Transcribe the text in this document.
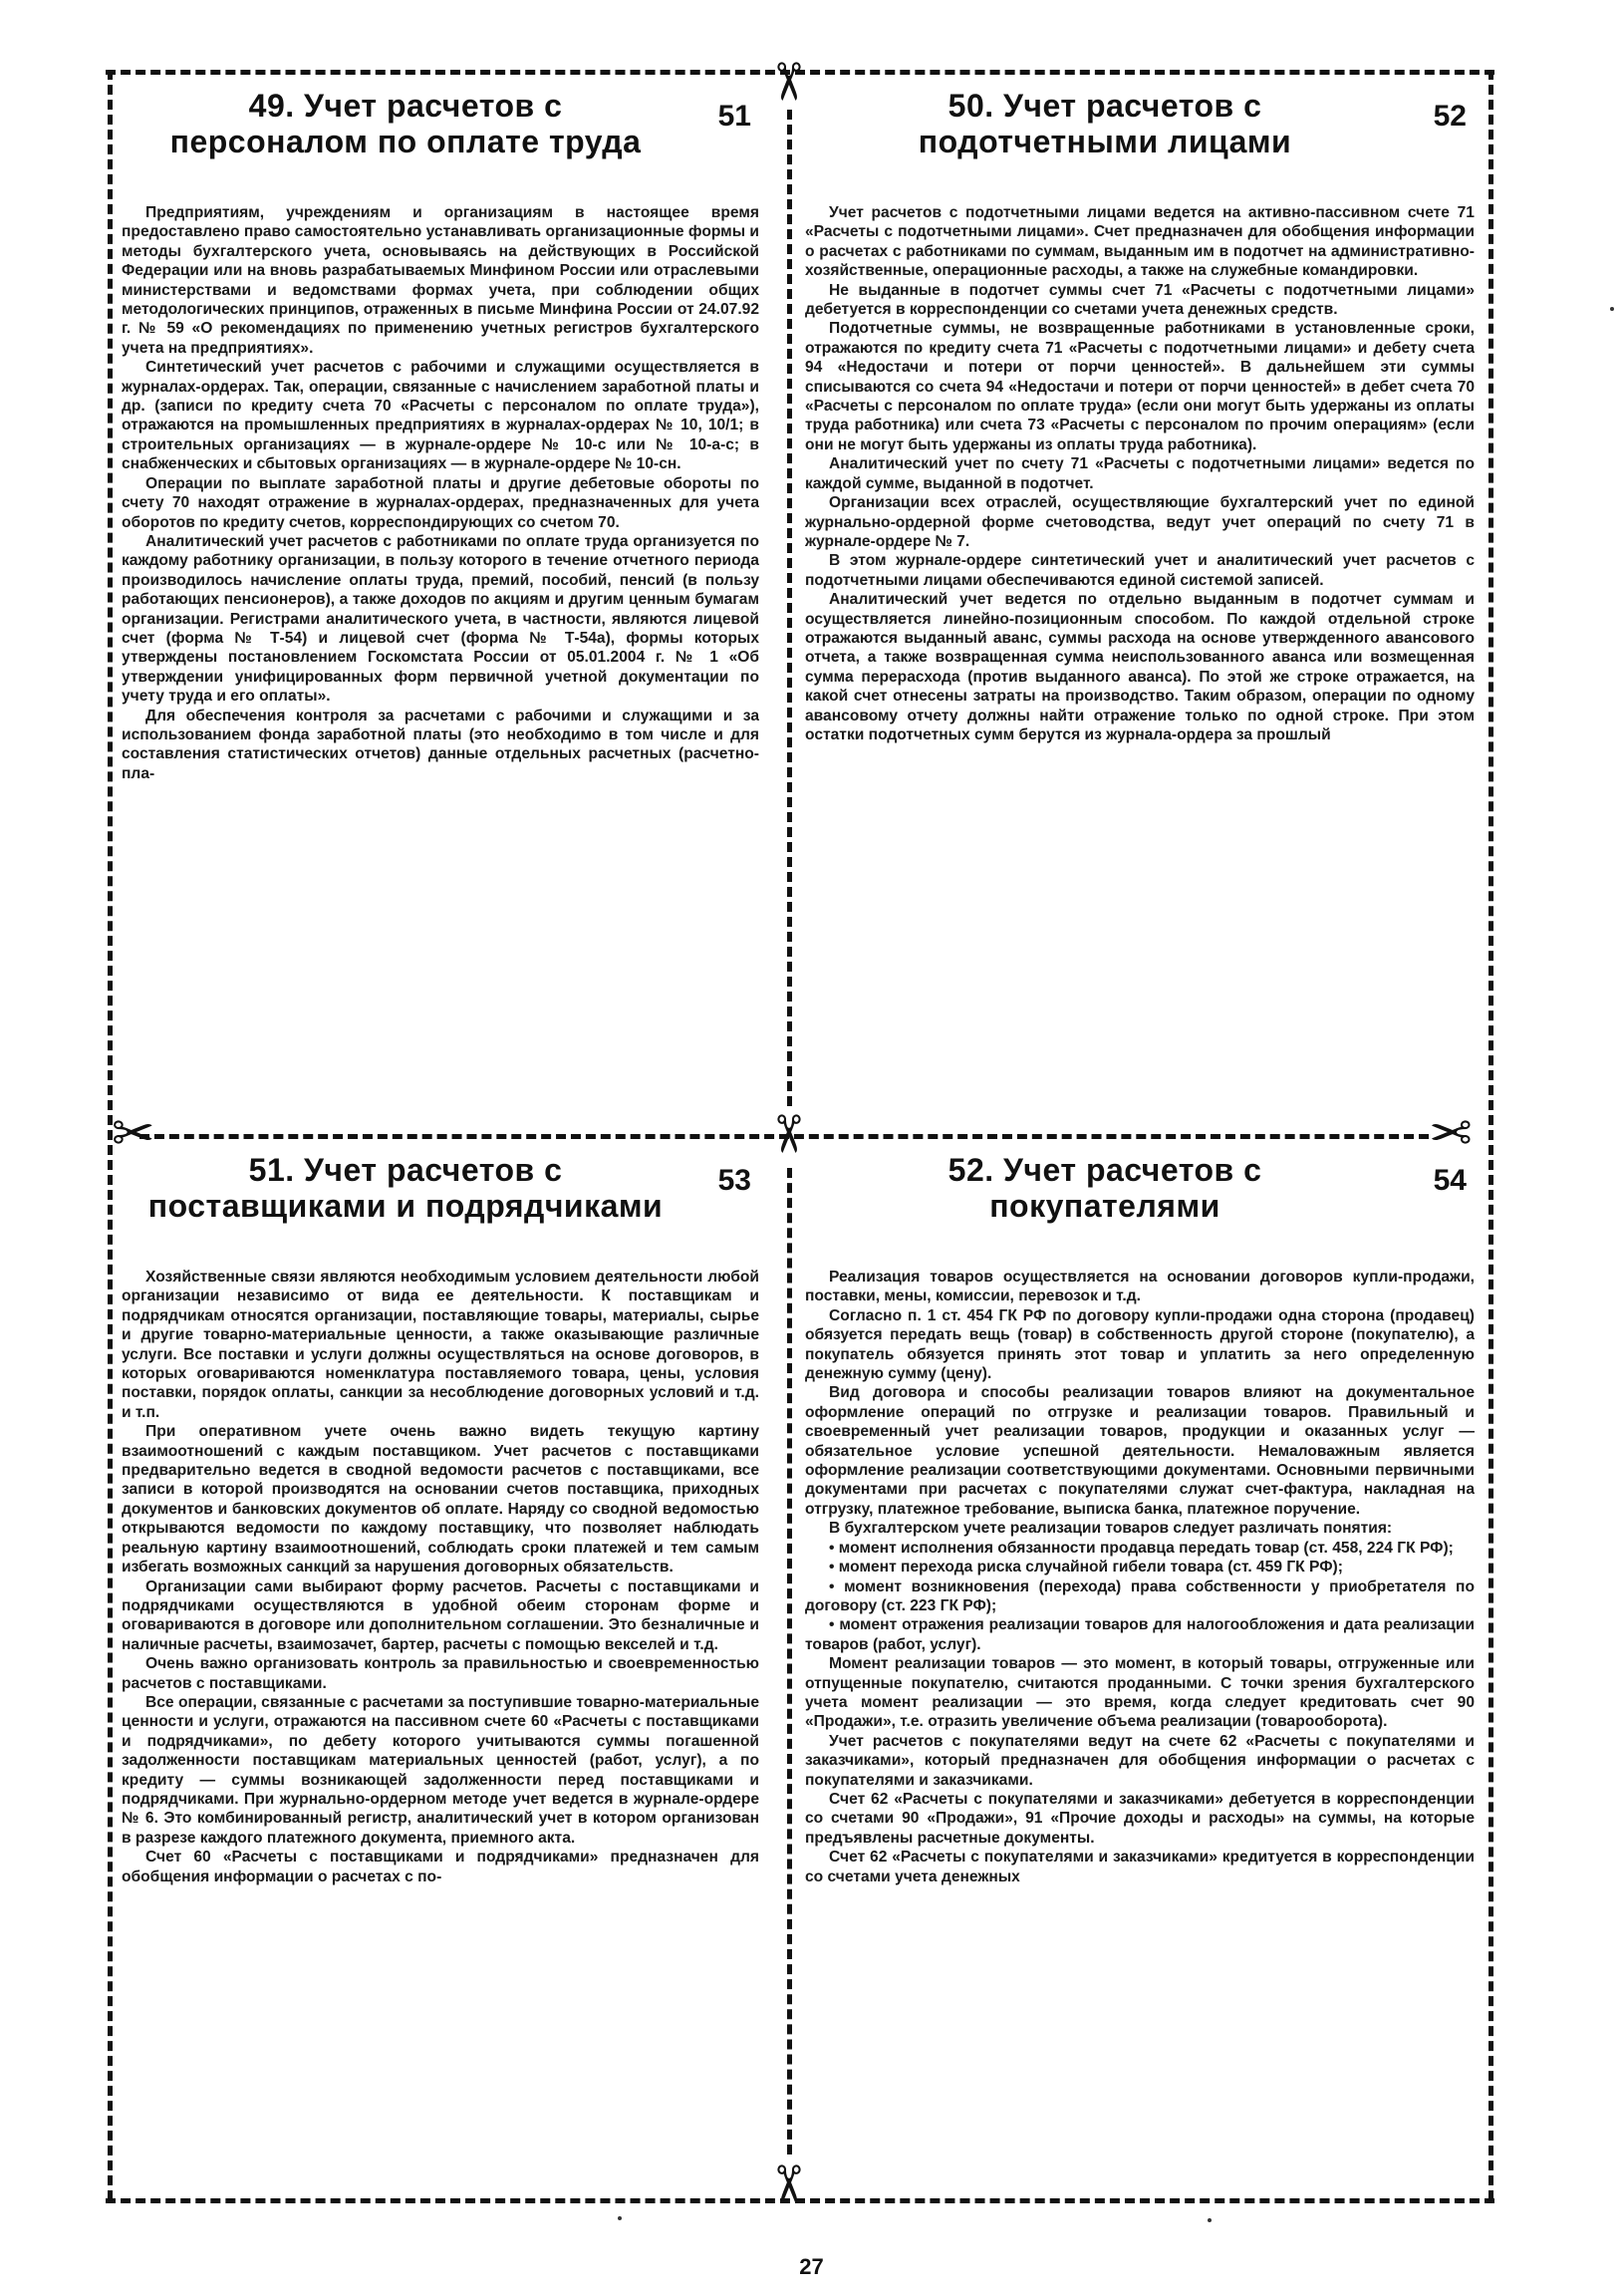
✂
✂	✂	✂
✂
49. Учет расчетов с
персоналом по оплате труда
51

Предприятиям, учреждениям и организациям в настоящее время предоставлено право самостоятельно устанавливать организационные формы и методы бухгалтерского учета, основываясь на действующих в Российской Федерации или на вновь разрабатываемых Минфином России или отраслевыми министерствами и ведомствами формах учета, при соблюдении общих методологических принципов, отраженных в письме Минфина России от 24.07.92 г. № 59 «О рекомендациях по применению учетных регистров бухгалтерского учета на предприятиях».

Синтетический учет расчетов с рабочими и служащими осуществляется в журналах-ордерах. Так, операции, связанные с начислением заработной платы и др. (записи по кредиту счета 70 «Расчеты с персоналом по оплате труда»), отражаются на промышленных предприятиях в журналах-ордерах № 10, 10/1; в строительных организациях — в журнале-ордере № 10-с или № 10-а-с; в снабженческих и сбытовых организациях — в журнале-ордере № 10-сн.

Операции по выплате заработной платы и другие дебетовые обороты по счету 70 находят отражение в журналах-ордерах, предназначенных для учета оборотов по кредиту счетов, корреспондирующих со счетом 70.

Аналитический учет расчетов с работниками по оплате труда организуется по каждому работнику организации, в пользу которого в течение отчетного периода производилось начисление оплаты труда, премий, пособий, пенсий (в пользу работающих пенсионеров), а также доходов по акциям и другим ценным бумагам организации. Регистрами аналитического учета, в частности, являются лицевой счет (форма № Т-54) и лицевой счет (форма № Т-54а), формы которых утверждены постановлением Госкомстата России от 05.01.2004 г. № 1 «Об утверждении унифицированных форм первичной учетной документации по учету труда и его оплаты».

Для обеспечения контроля за расчетами с рабочими и служащими и за использованием фонда заработной платы (это необходимо в том числе и для составления статистических отчетов) данные отдельных расчетных (расчетно-пла-

50. Учет расчетов с
подотчетными лицами
52

Учет расчетов с подотчетными лицами ведется на активно-пассивном счете 71 «Расчеты с подотчетными лицами». Счет предназначен для обобщения информации о расчетах с работниками по суммам, выданным им в подотчет на административно-хозяйственные, операционные расходы, а также на служебные командировки.

Не выданные в подотчет суммы счет 71 «Расчеты с подотчетными лицами» дебетуется в корреспонденции со счетами учета денежных средств.

Подотчетные суммы, не возвращенные работниками в установленные сроки, отражаются по кредиту счета 71 «Расчеты с подотчетными лицами» и дебету счета 94 «Недостачи и потери от порчи ценностей». В дальнейшем эти суммы списываются со счета 94 «Недостачи и потери от порчи ценностей» в дебет счета 70 «Расчеты с персоналом по оплате труда» (если они могут быть удержаны из оплаты труда работника) или счета 73 «Расчеты с персоналом по прочим операциям» (если они не могут быть удержаны из оплаты труда работника).

Аналитический учет по счету 71 «Расчеты с подотчетными лицами» ведется по каждой сумме, выданной в подотчет.

Организации всех отраслей, осуществляющие бухгалтерский учет по единой журнально-ордерной форме счетоводства, ведут учет операций по счету 71 в журнале-ордере № 7.

В этом журнале-ордере синтетический учет и аналитический учет расчетов с подотчетными лицами обеспечиваются единой системой записей.

Аналитический учет ведется по отдельно выданным в подотчет суммам и осуществляется линейно-позиционным способом. По каждой отдельной строке отражаются выданный аванс, суммы расхода на основе утвержденного авансового отчета, а также возвращенная сумма неиспользованного аванса или возмещенная сумма перерасхода (против выданного аванса). По этой же строке отражается, на какой счет отнесены затраты на производство. Таким образом, операции по одному авансовому отчету должны найти отражение только по одной строке. При этом остатки подотчетных сумм берутся из журнала-ордера за прошлый

51. Учет расчетов с
поставщиками и подрядчиками
53

Хозяйственные связи являются необходимым условием деятельности любой организации независимо от вида ее деятельности. К поставщикам и подрядчикам относятся организации, поставляющие товары, материалы, сырье и другие товарно-материальные ценности, а также оказывающие различные услуги. Все поставки и услуги должны осуществляться на основе договоров, в которых оговариваются номенклатура поставляемого товара, цены, условия поставки, порядок оплаты, санкции за несоблюдение договорных условий и т.д. и т.п.

При оперативном учете очень важно видеть текущую картину взаимоотношений с каждым поставщиком. Учет расчетов с поставщиками предварительно ведется в сводной ведомости расчетов с поставщиками, все записи в которой производятся на основании счетов поставщика, приходных документов и банковских документов об оплате. Наряду со сводной ведомостью открываются ведомости по каждому поставщику, что позволяет наблюдать реальную картину взаимоотношений, соблюдать сроки платежей и тем самым избегать возможных санкций за нарушения договорных обязательств.

Организации сами выбирают форму расчетов. Расчеты с поставщиками и подрядчиками осуществляются в удобной обеим сторонам форме и оговариваются в договоре или дополнительном соглашении. Это безналичные и наличные расчеты, взаимозачет, бартер, расчеты с помощью векселей и т.д.

Очень важно организовать контроль за правильностью и своевременностью расчетов с поставщиками.

Все операции, связанные с расчетами за поступившие товарно-материальные ценности и услуги, отражаются на пассивном счете 60 «Расчеты с поставщиками и подрядчиками», по дебету которого учитываются суммы погашенной задолженности поставщикам материальных ценностей (работ, услуг), а по кредиту — суммы возникающей задолженности перед поставщиками и подрядчиками. При журнально-ордерном методе учет ведется в журнале-ордере № 6. Это комбинированный регистр, аналитический учет в котором организован в разрезе каждого платежного документа, приемного акта.

Счет 60 «Расчеты с поставщиками и подрядчиками» предназначен для обобщения информации о расчетах с по-

52. Учет расчетов с
покупателями
54

Реализация товаров осуществляется на основании договоров купли-продажи, поставки, мены, комиссии, перевозок и т.д.

Согласно п. 1 ст. 454 ГК РФ по договору купли-продажи одна сторона (продавец) обязуется передать вещь (товар) в собственность другой стороне (покупателю), а покупатель обязуется принять этот товар и уплатить за него определенную денежную сумму (цену).

Вид договора и способы реализации товаров влияют на документальное оформление операций по отгрузке и реализации товаров. Правильный и своевременный учет реализации товаров, продукции и оказанных услуг — обязательное условие успешной деятельности. Немаловажным является оформление реализации соответствующими документами. Основными первичными документами при расчетах с покупателями служат счет-фактура, накладная на отгрузку, платежное требование, выписка банка, платежное поручение.

В бухгалтерском учете реализации товаров следует различать понятия:

• момент исполнения обязанности продавца передать товар (ст. 458, 224 ГК РФ);

• момент перехода риска случайной гибели товара (ст. 459 ГК РФ);

• момент возникновения (перехода) права собственности у приобретателя по договору (ст. 223 ГК РФ);

• момент отражения реализации товаров для налогообложения и дата реализации товаров (работ, услуг).

Момент реализации товаров — это момент, в который товары, отгруженные или отпущенные покупателю, считаются проданными. С точки зрения бухгалтерского учета момент реализации — это время, когда следует кредитовать счет 90 «Продажи», т.е. отразить увеличение объема реализации (товарооборота).

Учет расчетов с покупателями ведут на счете 62 «Расчеты с покупателями и заказчиками», который предназначен для обобщения информации о расчетах с покупателями и заказчиками.

Счет 62 «Расчеты с покупателями и заказчиками» дебетуется в корреспонденции со счетами 90 «Продажи», 91 «Прочие доходы и расходы» на суммы, на которые предъявлены расчетные документы.

Счет 62 «Расчеты с покупателями и заказчиками» кредитуется в корреспонденции со счетами учета денежных

27
